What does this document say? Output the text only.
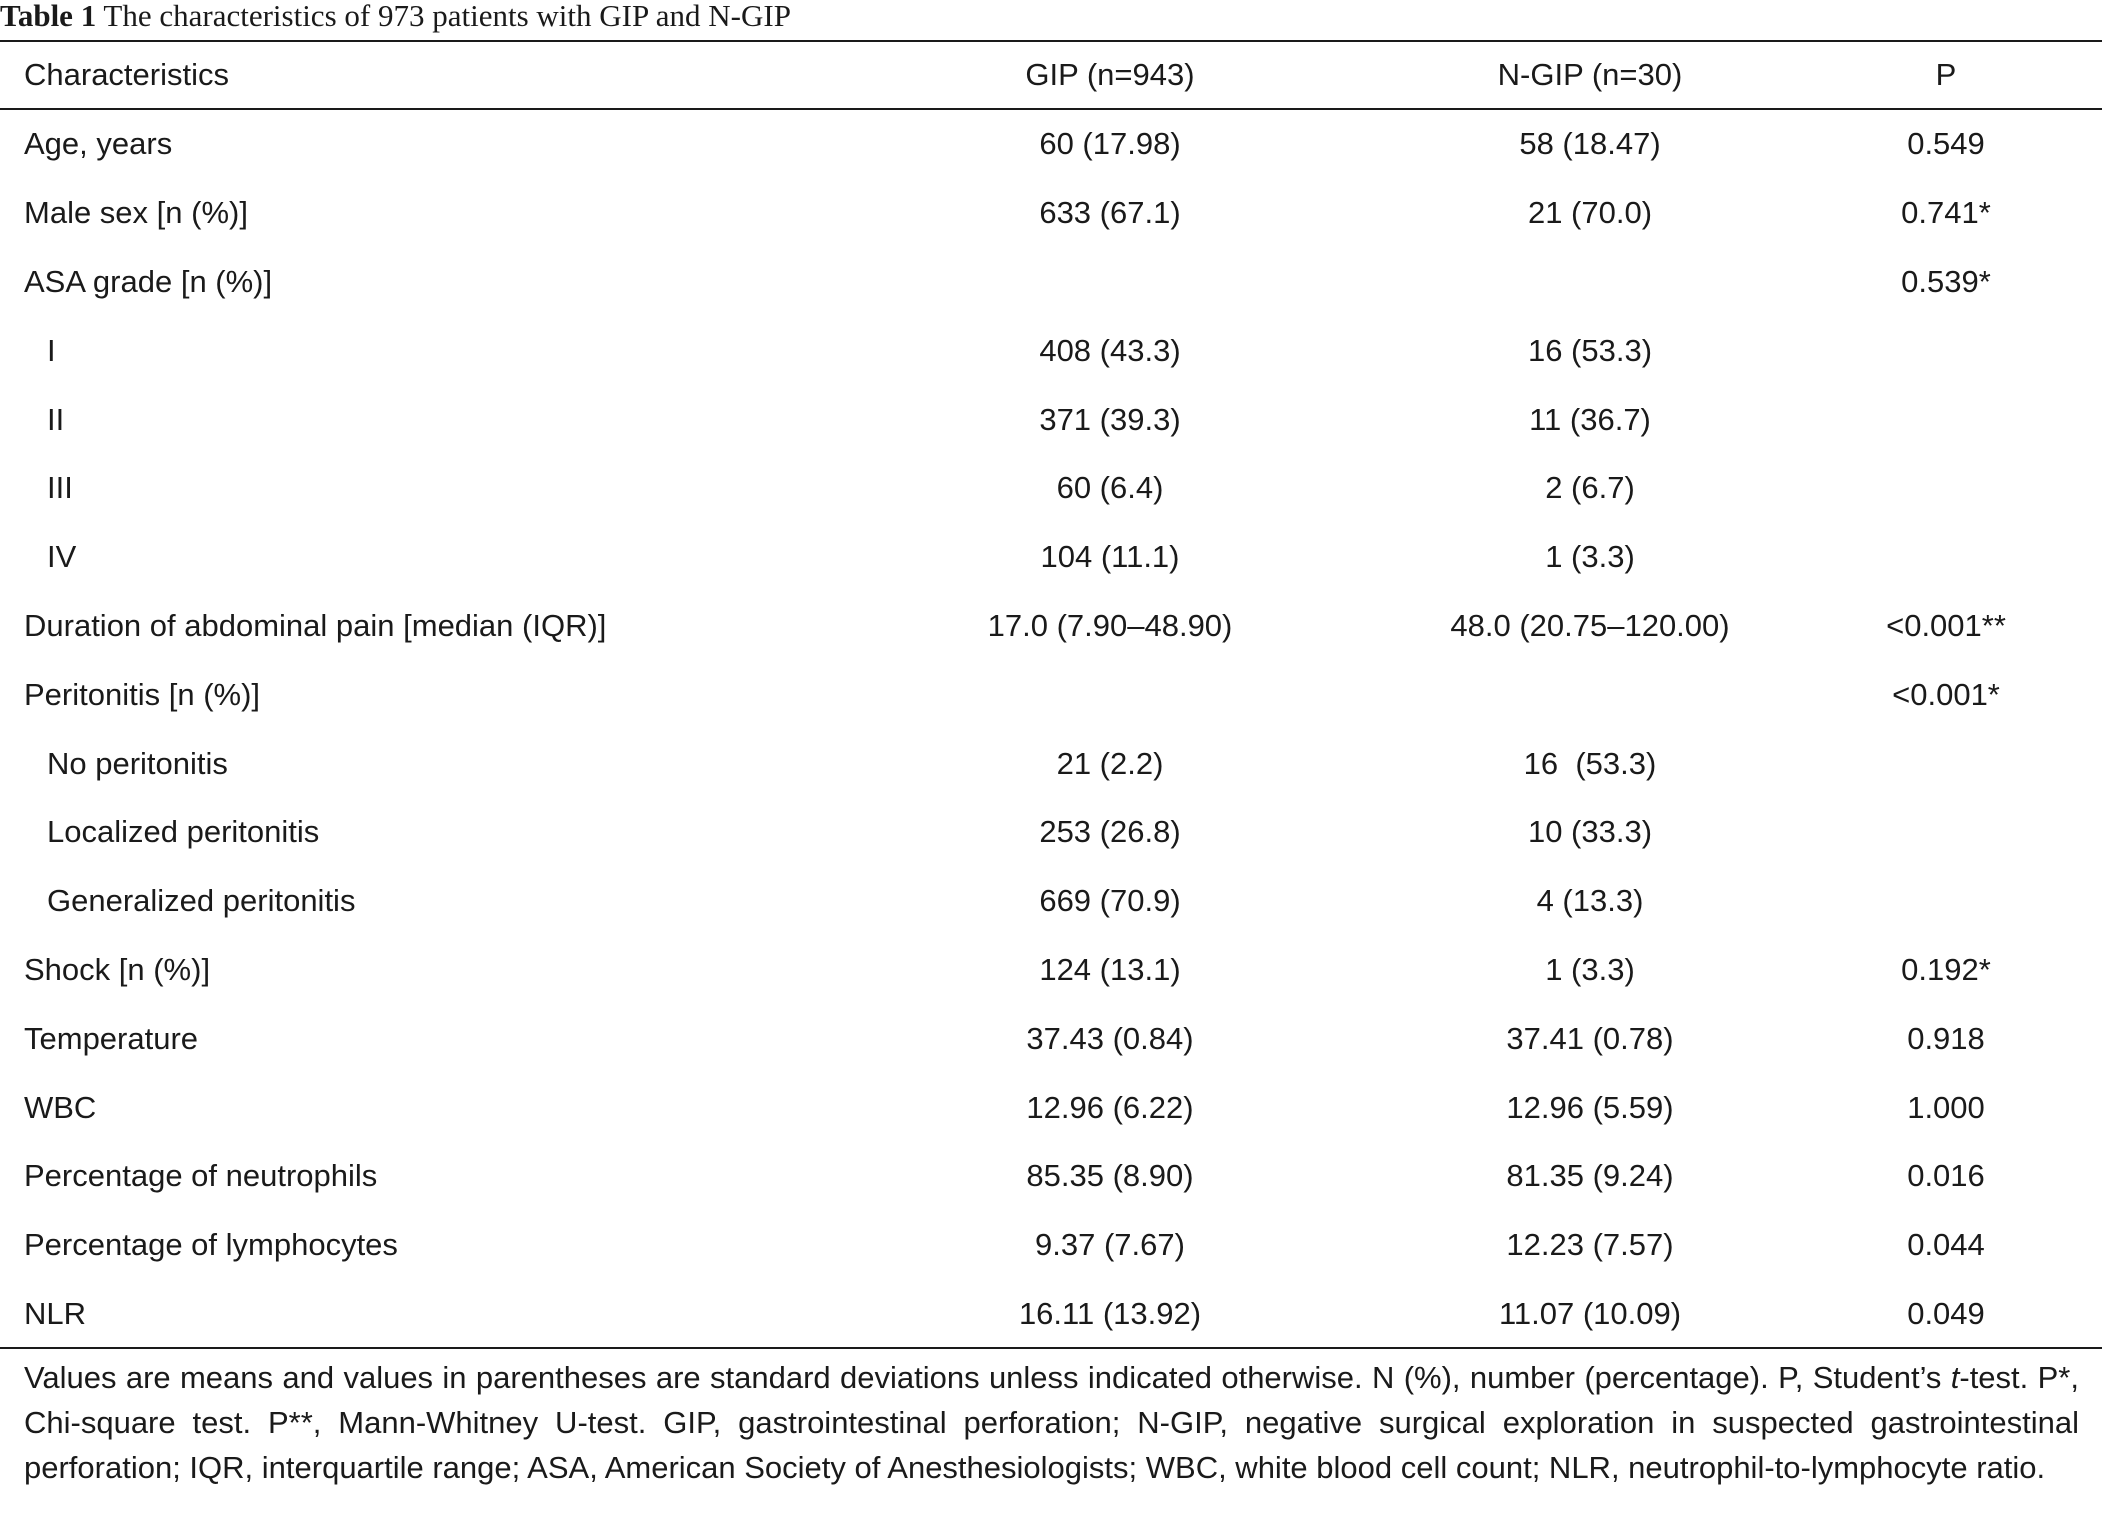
Table 1 The characteristics of 973 patients with GIP and N-GIP
Characteristics	GIP (n=943)	N-GIP (n=30)	P
Age, years	60 (17.98)	58 (18.47)	0.549
Male sex [n (%)]	633 (67.1)	21 (70.0)	0.741*
ASA grade [n (%)]			0.539*
I	408 (43.3)	16 (53.3)	
II	371 (39.3)	11 (36.7)	
III	60 (6.4)	2 (6.7)	
IV	104 (11.1)	1 (3.3)	
Duration of abdominal pain [median (IQR)]	17.0 (7.90–48.90)	48.0 (20.75–120.00)	<0.001**
Peritonitis [n (%)]			<0.001*
No peritonitis	21 (2.2)	16  (53.3)	
Localized peritonitis	253 (26.8)	10 (33.3)	
Generalized peritonitis	669 (70.9)	4 (13.3)	
Shock [n (%)]	124 (13.1)	1 (3.3)	0.192*
Temperature	37.43 (0.84)	37.41 (0.78)	0.918
WBC	12.96 (6.22)	12.96 (5.59)	1.000
Percentage of neutrophils	85.35 (8.90)	81.35 (9.24)	0.016
Percentage of lymphocytes	9.37 (7.67)	12.23 (7.57)	0.044
NLR	16.11 (13.92)	11.07 (10.09)	0.049
Values are means and values in parentheses are standard deviations unless indicated otherwise. N (%), number (percentage). P, Student’s t-test. P*, Chi-square test. P**, Mann-Whitney U-test. GIP, gastrointestinal perforation; N-GIP, negative surgical exploration in suspected gastrointestinal perforation; IQR, interquartile range; ASA, American Society of Anesthesiologists; WBC, white blood cell count; NLR, neutrophil-to-lymphocyte ratio.
